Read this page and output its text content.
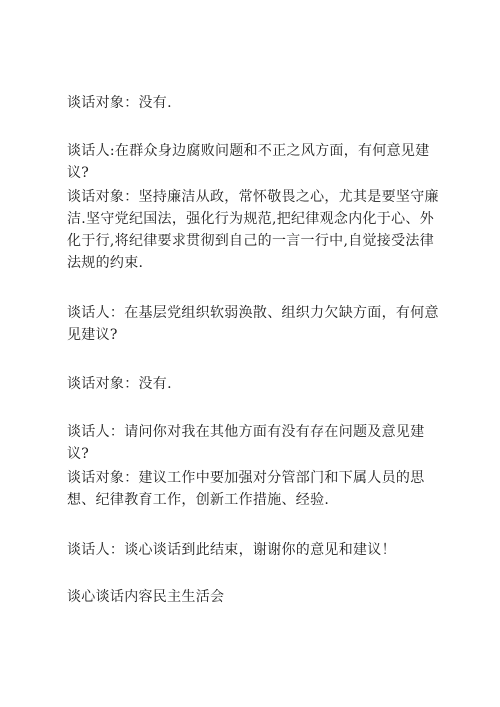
谈话对象：没有.

谈话人:在群众身边腐败问题和不正之风方面，有何意见建议?

谈话对象：坚持廉洁从政，常怀敬畏之心，尤其是要坚守廉洁.坚守党纪国法，强化行为规范,把纪律观念内化于心、外化于行,将纪律要求贯彻到自己的一言一行中,自觉接受法律法规的约束.

谈话人：在基层党组织软弱涣散、组织力欠缺方面，有何意见建议?

谈话对象：没有.

谈话人：请问你对我在其他方面有没有存在问题及意见建议?

谈话对象：建议工作中要加强对分管部门和下属人员的思想、纪律教育工作，创新工作措施、经验.

谈话人：谈心谈话到此结束，谢谢你的意见和建议！

谈心谈话内容民主生活会
